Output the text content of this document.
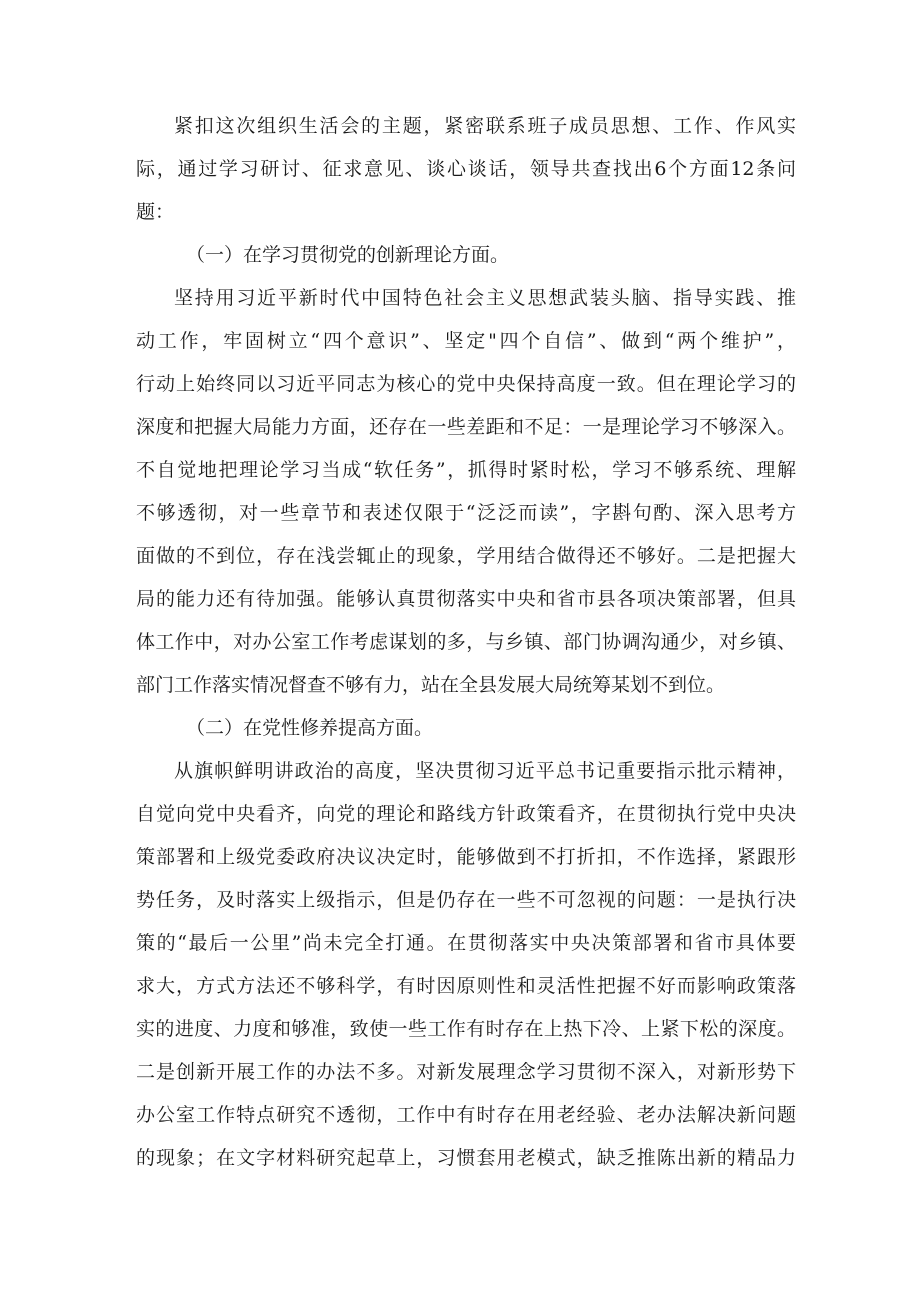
紧扣这次组织生活会的主题，紧密联系班子成员思想、工作、作风实
际，通过学习研讨、征求意见、谈心谈话，领导共查找出6个方面12条问
题：
（一）在学习贯彻党的创新理论方面。
坚持用习近平新时代中国特色社会主义思想武装头脑、指导实践、推
动工作，牢固树立“四个意识”、坚定"四个自信”、做到“两个维护”，
行动上始终同以习近平同志为核心的党中央保持高度一致。但在理论学习的
深度和把握大局能力方面，还存在一些差距和不足：一是理论学习不够深入。
不自觉地把理论学习当成“软任务”，抓得时紧时松，学习不够系统、理解
不够透彻，对一些章节和表述仅限于“泛泛而读”，字斟句酌、深入思考方
面做的不到位，存在浅尝辄止的现象，学用结合做得还不够好。二是把握大
局的能力还有待加强。能够认真贯彻落实中央和省市县各项决策部署，但具
体工作中，对办公室工作考虑谋划的多，与乡镇、部门协调沟通少，对乡镇、
部门工作落实情况督查不够有力，站在全县发展大局统筹某划不到位。
（二）在党性修养提高方面。
从旗帜鲜明讲政治的高度，坚决贯彻习近平总书记重要指示批示精神，
自觉向党中央看齐，向党的理论和路线方针政策看齐，在贯彻执行党中央决
策部署和上级党委政府决议决定时，能够做到不打折扣，不作选择，紧跟形
势任务，及时落实上级指示，但是仍存在一些不可忽视的问题：一是执行决
策的“最后一公里”尚未完全打通。在贯彻落实中央决策部署和省市具体要
求大，方式方法还不够科学，有时因原则性和灵活性把握不好而影响政策落
实的进度、力度和够准，致使一些工作有时存在上热下冷、上紧下松的深度。
二是创新开展工作的办法不多。对新发展理念学习贯彻不深入，对新形势下
办公室工作特点研究不透彻，工作中有时存在用老经验、老办法解决新问题
的现象；在文字材料研究起草上，习惯套用老模式，缺乏推陈出新的精品力
